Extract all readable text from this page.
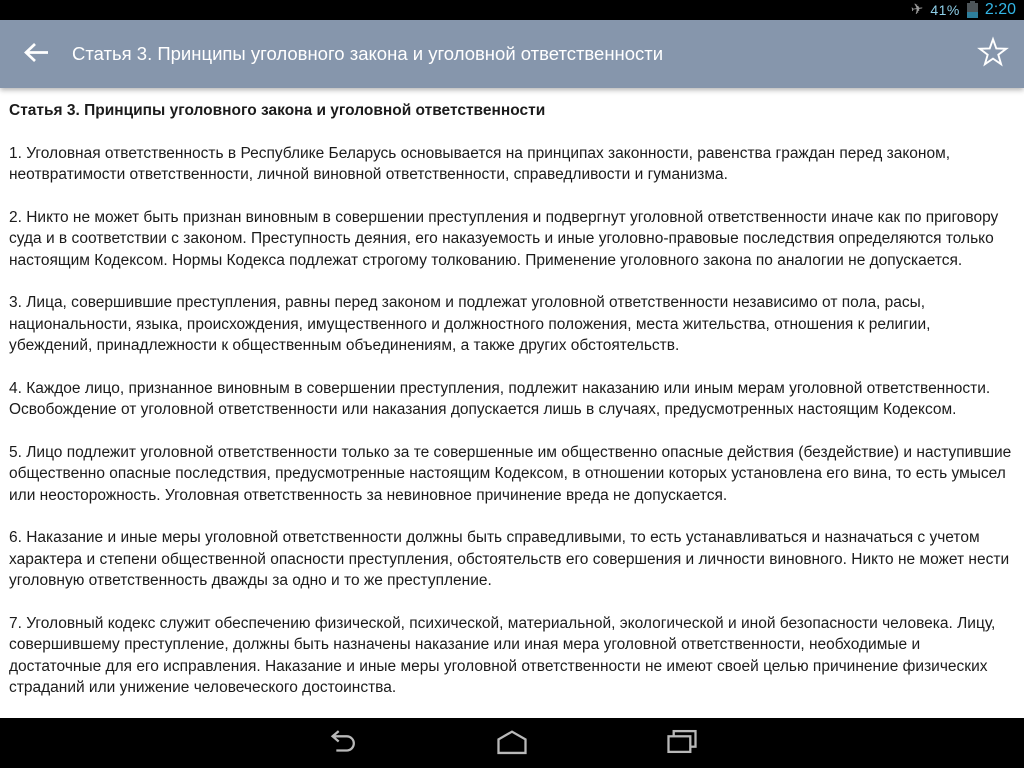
✈ 41% 2:20
Статья 3. Принципы уголовного закона и уголовной ответственности

Статья 3. Принципы уголовного закона и уголовной ответственности

1. Уголовная ответственность в Республике Беларусь основывается на принципах законности, равенства граждан перед законом, неотвратимости ответственности, личной виновной ответственности, справедливости и гуманизма.

2. Никто не может быть признан виновным в совершении преступления и подвергнут уголовной ответственности иначе как по приговору суда и в соответствии с законом. Преступность деяния, его наказуемость и иные уголовно-правовые последствия определяются только настоящим Кодексом. Нормы Кодекса подлежат строгому толкованию. Применение уголовного закона по аналогии не допускается.

3. Лица, совершившие преступления, равны перед законом и подлежат уголовной ответственности независимо от пола, расы, национальности, языка, происхождения, имущественного и должностного положения, места жительства, отношения к религии, убеждений, принадлежности к общественным объединениям, а также других обстоятельств.

4. Каждое лицо, признанное виновным в совершении преступления, подлежит наказанию или иным мерам уголовной ответственности. Освобождение от уголовной ответственности или наказания допускается лишь в случаях, предусмотренных настоящим Кодексом.

5. Лицо подлежит уголовной ответственности только за те совершенные им общественно опасные действия (бездействие) и наступившие общественно опасные последствия, предусмотренные настоящим Кодексом, в отношении которых установлена его вина, то есть умысел или неосторожность. Уголовная ответственность за невиновное причинение вреда не допускается.

6. Наказание и иные меры уголовной ответственности должны быть справедливыми, то есть устанавливаться и назначаться с учетом характера и степени общественной опасности преступления, обстоятельств его совершения и личности виновного. Никто не может нести уголовную ответственность дважды за одно и то же преступление.

7. Уголовный кодекс служит обеспечению физической, психической, материальной, экологической и иной безопасности человека. Лицу, совершившему преступление, должны быть назначены наказание или иная мера уголовной ответственности, необходимые и достаточные для его исправления. Наказание и иные меры уголовной ответственности не имеют своей целью причинение физических страданий или унижение человеческого достоинства.
